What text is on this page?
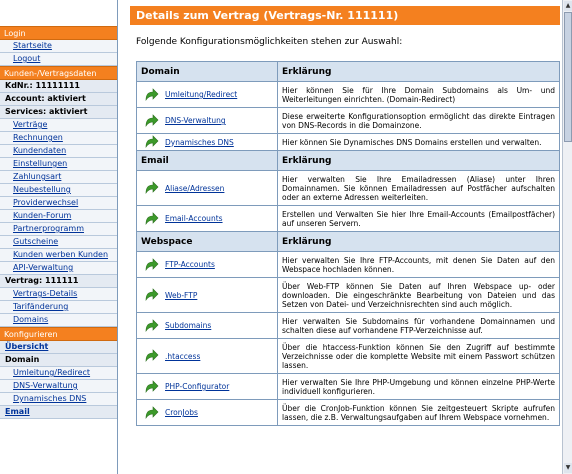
Login
Startseite
Logout
Kunden-/Vertragsdaten
KdNr.: 11111111
Account: aktiviert
Services: aktiviert
Verträge
Rechnungen
Kundendaten
Einstellungen
Zahlungsart
Neubestellung
Providerwechsel
Kunden-Forum
Partnerprogramm
Gutscheine
Kunden werben Kunden
API-Verwaltung
Vertrag: 111111
Vertrags-Details
Tarifänderung
Domains
Konfigurieren
Übersicht
Domain
Umleitung/Redirect
DNS-Verwaltung
Dynamisches DNS
Email
Details zum Vertrag (Vertrags-Nr. 111111)
Folgende Konfigurationsmöglichkeiten stehen zur Auswahl:
Domain	Erklärung

Umleitung/Redirect	Hier können Sie für Ihre Domain Subdomains als Um- und Weiterleitungen einrichten. (Domain-Redirect)

DNS-Verwaltung	Diese erweiterte Konfigurationsoption ermöglicht das direkte Eintragen von DNS-Records in die Domainzone.

Dynamisches DNS	Hier können Sie Dynamisches DNS Domains erstellen und verwalten.
Email	Erklärung

Aliase/Adressen	Hier verwalten Sie Ihre Emailadressen (Aliase) unter Ihren Domainnamen. Sie können Emailadressen auf Postfächer aufschalten oder an externe Adressen weiterleiten.

Email-Accounts	Erstellen und Verwalten Sie hier Ihre Email-Accounts (Emailpostfächer) auf unseren Servern.
Webspace	Erklärung

FTP-Accounts	Hier verwalten Sie Ihre FTP-Accounts, mit denen Sie Daten auf den Webspace hochladen können.

Web-FTP	Über Web-FTP können Sie Daten auf Ihren Webspace up- oder downloaden. Die eingeschränkte Bearbeitung von Dateien und das Setzen von Datei- und Verzeichnisrechten sind auch möglich.

Subdomains	Hier verwalten Sie Subdomains für vorhandene Domainnamen und schalten diese auf vorhandene FTP-Verzeichnisse auf.

.htaccess	Über die htaccess-Funktion können Sie den Zugriff auf bestimmte Verzeichnisse oder die komplette Website mit einem Passwort schützen lassen.

PHP-Configurator	Hier verwalten Sie Ihre PHP-Umgebung und können einzelne PHP-Werte individuell konfigurieren.

CronJobs	Über die CronJob-Funktion können Sie zeitgesteuert Skripte aufrufen lassen, die z.B. Verwaltungsaufgaben auf Ihrem Webspace vornehmen.
▲
▼
